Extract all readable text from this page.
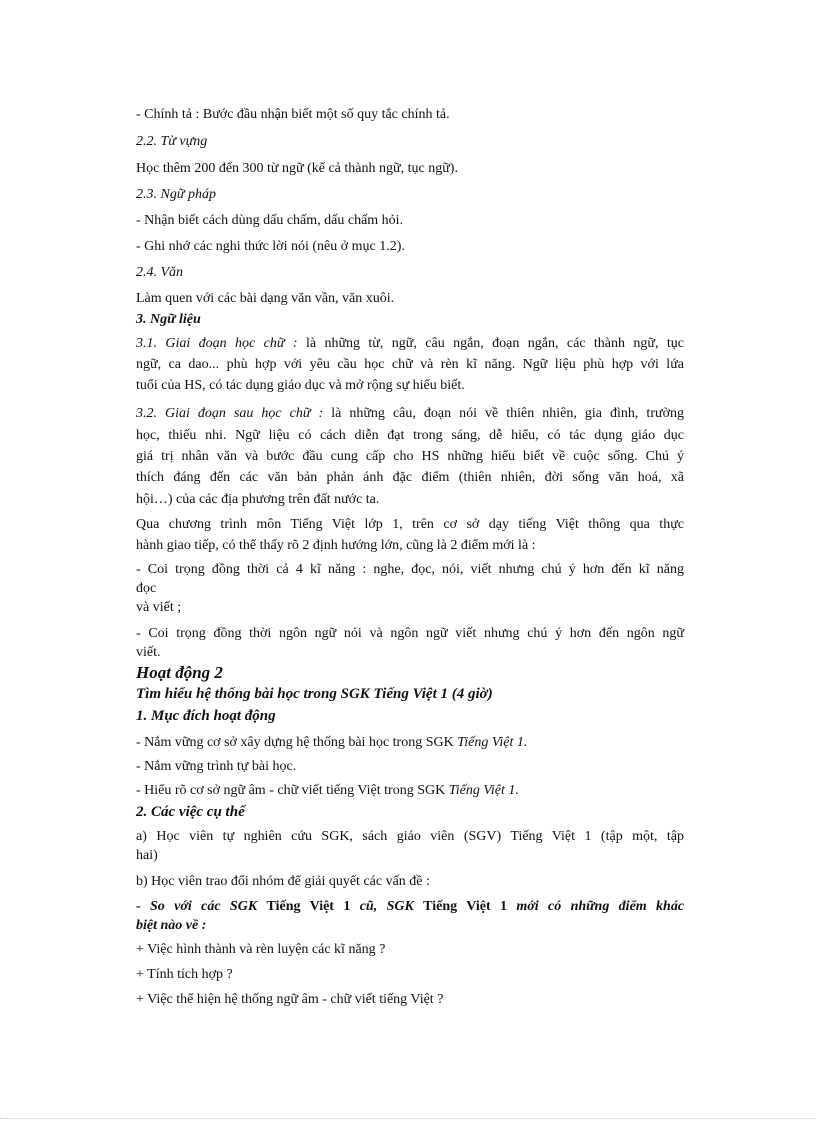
- Chính tả : Bước đầu nhận biết một số quy tắc chính tả.
2.2. Từ vựng
Học thêm 200 đến 300 từ ngữ (kể cả thành ngữ, tục ngữ).
2.3. Ngữ pháp
- Nhận biết cách dùng dấu chấm, dấu chấm hỏi.
- Ghi nhớ các nghi thức lời nói (nêu ở mục 1.2).
2.4. Văn
Làm quen với các bài dạng văn vần, văn xuôi.
3. Ngữ liệu
3.1. Giai đoạn học chữ : là những từ, ngữ, câu ngắn, đoạn ngắn, các thành ngữ, tục
ngữ, ca dao... phù hợp với yêu cầu học chữ và rèn kĩ năng. Ngữ liệu phù hợp với lứa
tuổi của HS, có tác dụng giáo dục và mở rộng sự hiểu biết.
3.2. Giai đoạn sau học chữ : là những câu, đoạn nói về thiên nhiên, gia đình, trường
học, thiếu nhi. Ngữ liệu có cách diễn đạt trong sáng, dễ hiểu, có tác dụng giáo dục
giá trị nhân văn và bước đầu cung cấp cho HS những hiểu biết về cuộc sống. Chú ý
thích đáng đến các văn bản phản ánh đặc điểm (thiên nhiên, đời sống văn hoá, xã
hội…) của các địa phương trên đất nước ta.
Qua chương trình môn Tiếng Việt lớp 1, trên cơ sở dạy tiếng Việt thông qua thực
hành giao tiếp, có thể thấy rõ 2 định hướng lớn, cũng là 2 điểm mới là :
- Coi trọng đồng thời cả 4 kĩ năng : nghe, đọc, nói, viết nhưng chú ý hơn đến kĩ năng
đọc
và viết ;
- Coi trọng đồng thời ngôn ngữ nói và ngôn ngữ viết nhưng chú ý hơn đến ngôn ngữ
viết.
Hoạt động 2
Tìm hiểu hệ thống bài học trong SGK Tiếng Việt 1 (4 giờ)
1. Mục đích hoạt động
- Nắm vững cơ sở xây dựng hệ thống bài học trong SGK Tiếng Việt 1.
- Nắm vững trình tự bài học.
- Hiểu rõ cơ sở ngữ âm - chữ viết tiếng Việt trong SGK Tiếng Việt 1.
2. Các việc cụ thể
a) Học viên tự nghiên cứu SGK, sách giáo viên (SGV) Tiếng Việt 1 (tập một, tập
hai)
b) Học viên trao đổi nhóm để giải quyết các vấn đề :
- So với các SGK Tiếng Việt 1 cũ, SGK Tiếng Việt 1 mới có những điểm khác
biệt nào về :
+ Việc hình thành và rèn luyện các kĩ năng ?
+ Tính tích hợp ?
+ Việc thể hiện hệ thống ngữ âm - chữ viết tiếng Việt ?
